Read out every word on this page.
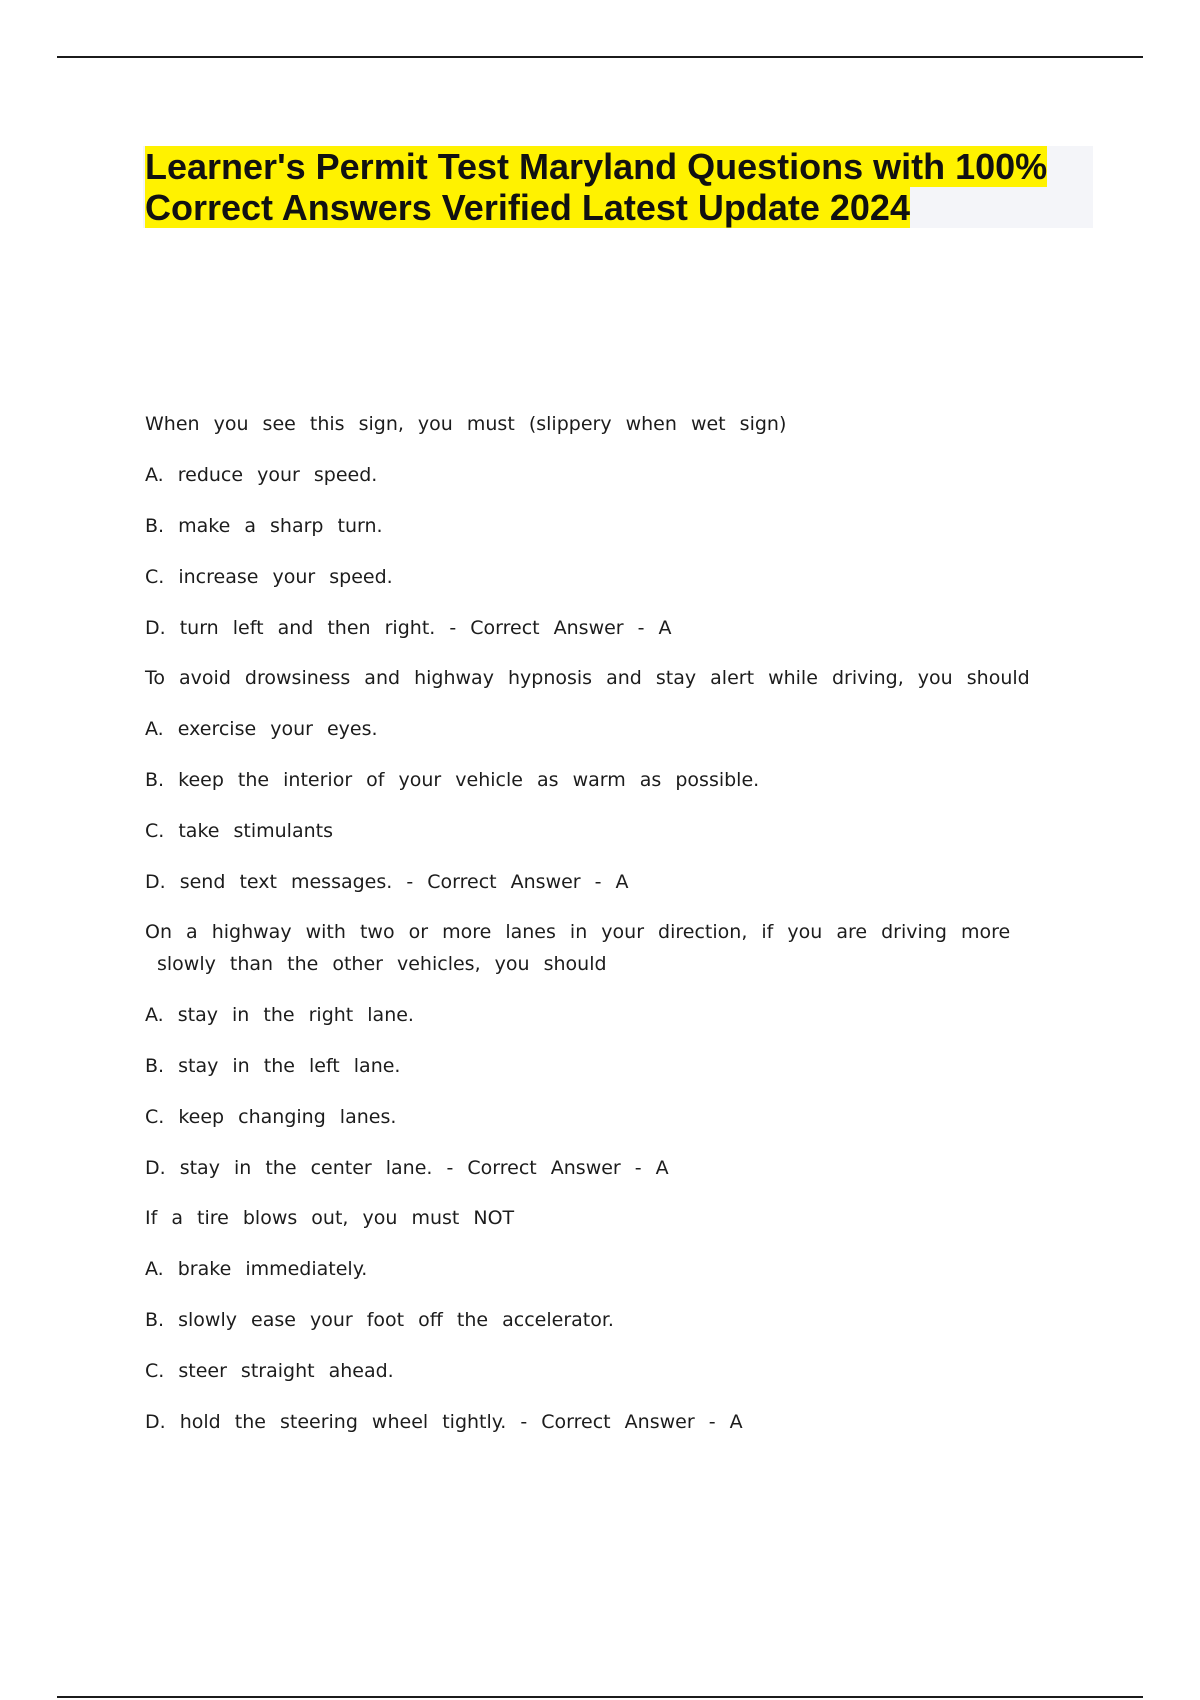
Learner's Permit Test Maryland Questions with 100% Correct Answers Verified Latest Update 2024

When you see this sign, you must (slippery when wet sign)

A. reduce your speed.

B. make a sharp turn.

C. increase your speed.

D. turn left and then right. - Correct Answer - A

To avoid drowsiness and highway hypnosis and stay alert while driving, you should

A. exercise your eyes.

B. keep the interior of your vehicle as warm as possible.

C. take stimulants

D. send text messages. - Correct Answer - A

On a highway with two or more lanes in your direction, if you are driving more slowly than the other vehicles, you should

A. stay in the right lane.

B. stay in the left lane.

C. keep changing lanes.

D. stay in the center lane. - Correct Answer - A

If a tire blows out, you must NOT

A. brake immediately.

B. slowly ease your foot off the accelerator.

C. steer straight ahead.

D. hold the steering wheel tightly. - Correct Answer - A
